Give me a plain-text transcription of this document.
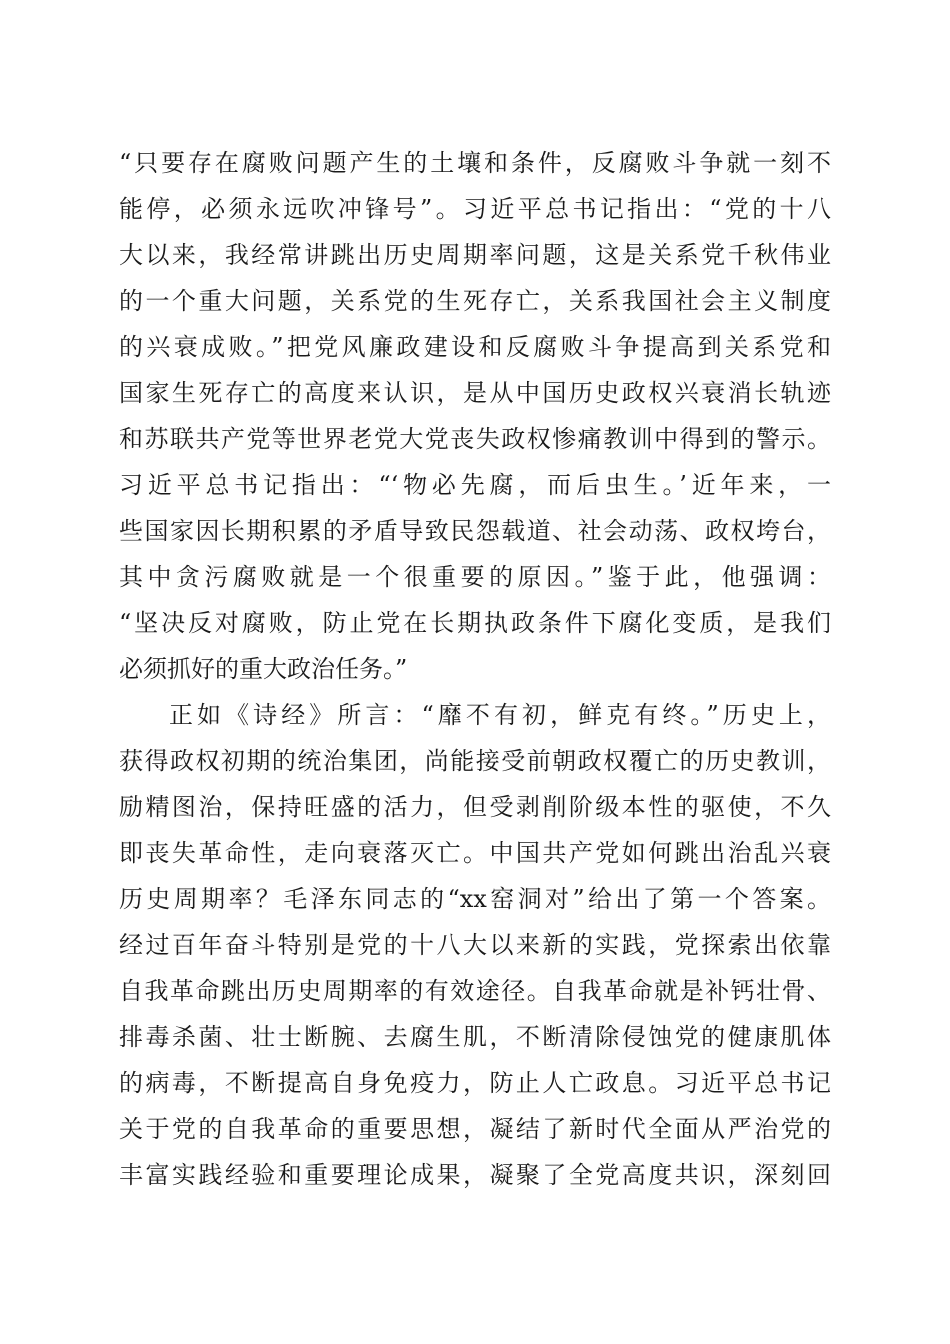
“只要存在腐败问题产生的土壤和条件，反腐败斗争就一刻不
能停，必须永远吹冲锋号”。习近平总书记指出：“党的十八
大以来，我经常讲跳出历史周期率问题，这是关系党千秋伟业
的一个重大问题，关系党的生死存亡，关系我国社会主义制度
的兴衰成败。”把党风廉政建设和反腐败斗争提高到关系党和
国家生死存亡的高度来认识，是从中国历史政权兴衰消长轨迹
和苏联共产党等世界老党大党丧失政权惨痛教训中得到的警示。
习近平总书记指出：“‘物必先腐，而后虫生。’近年来，一
些国家因长期积累的矛盾导致民怨载道、社会动荡、政权垮台，
其中贪污腐败就是一个很重要的原因。”鉴于此，他强调：
“坚决反对腐败，防止党在长期执政条件下腐化变质，是我们
必须抓好的重大政治任务。”
正如《诗经》所言：“靡不有初，鲜克有终。”历史上，
获得政权初期的统治集团，尚能接受前朝政权覆亡的历史教训，
励精图治，保持旺盛的活力，但受剥削阶级本性的驱使，不久
即丧失革命性，走向衰落灭亡。中国共产党如何跳出治乱兴衰
历史周期率？毛泽东同志的“xx窑洞对”给出了第一个答案。
经过百年奋斗特别是党的十八大以来新的实践，党探索出依靠
自我革命跳出历史周期率的有效途径。自我革命就是补钙壮骨、
排毒杀菌、壮士断腕、去腐生肌，不断清除侵蚀党的健康肌体
的病毒，不断提高自身免疫力，防止人亡政息。习近平总书记
关于党的自我革命的重要思想，凝结了新时代全面从严治党的
丰富实践经验和重要理论成果，凝聚了全党高度共识，深刻回
